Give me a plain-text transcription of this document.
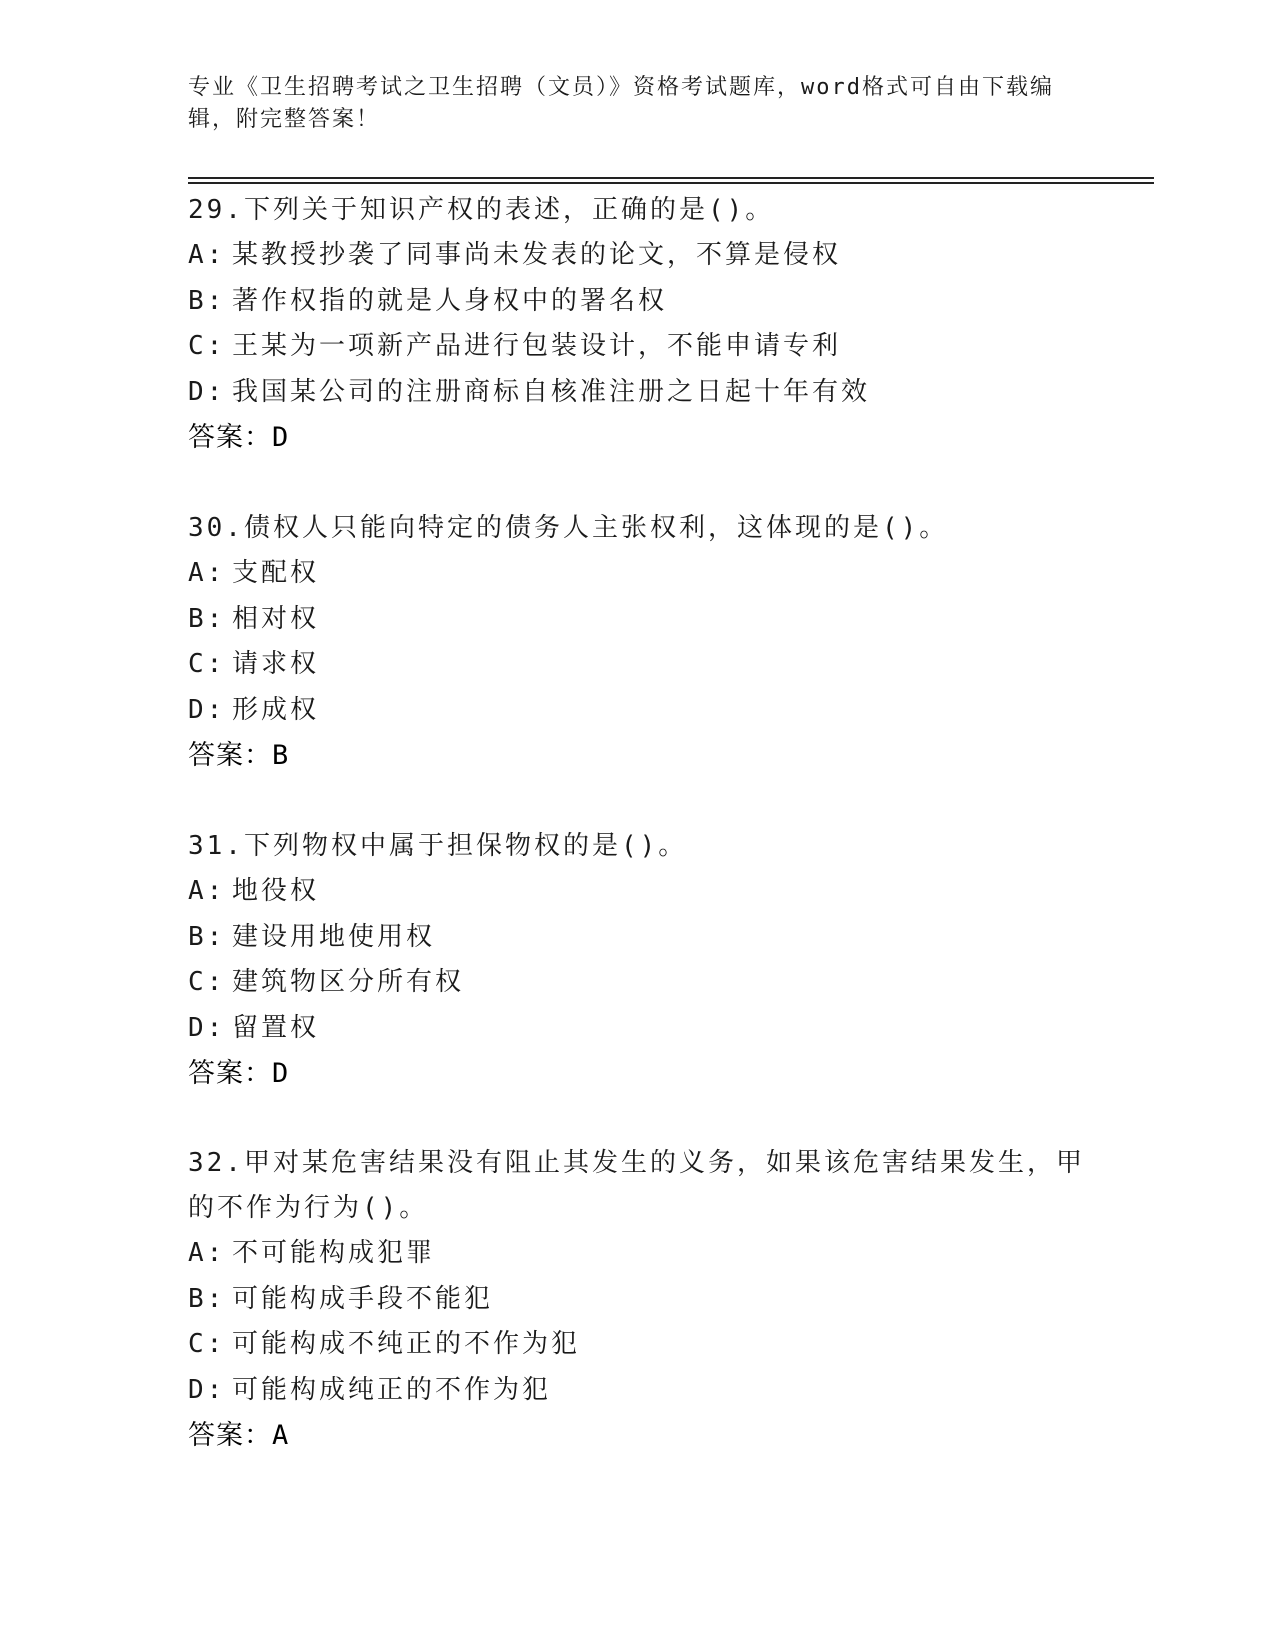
专业《卫生招聘考试之卫生招聘（文员）》资格考试题库，word格式可自由下载编辑，附完整答案！
29.下列关于知识产权的表述，正确的是()。
A: 某教授抄袭了同事尚未发表的论文，不算是侵权
B: 著作权指的就是人身权中的署名权
C: 王某为一项新产品进行包装设计，不能申请专利
D: 我国某公司的注册商标自核准注册之日起十年有效
答案：D
30.债权人只能向特定的债务人主张权利，这体现的是()。
A: 支配权
B: 相对权
C: 请求权
D: 形成权
答案：B
31.下列物权中属于担保物权的是()。
A: 地役权
B: 建设用地使用权
C: 建筑物区分所有权
D: 留置权
答案：D
32.甲对某危害结果没有阻止其发生的义务，如果该危害结果发生，甲的不作为行为()。
A: 不可能构成犯罪
B: 可能构成手段不能犯
C: 可能构成不纯正的不作为犯
D: 可能构成纯正的不作为犯
答案：A
